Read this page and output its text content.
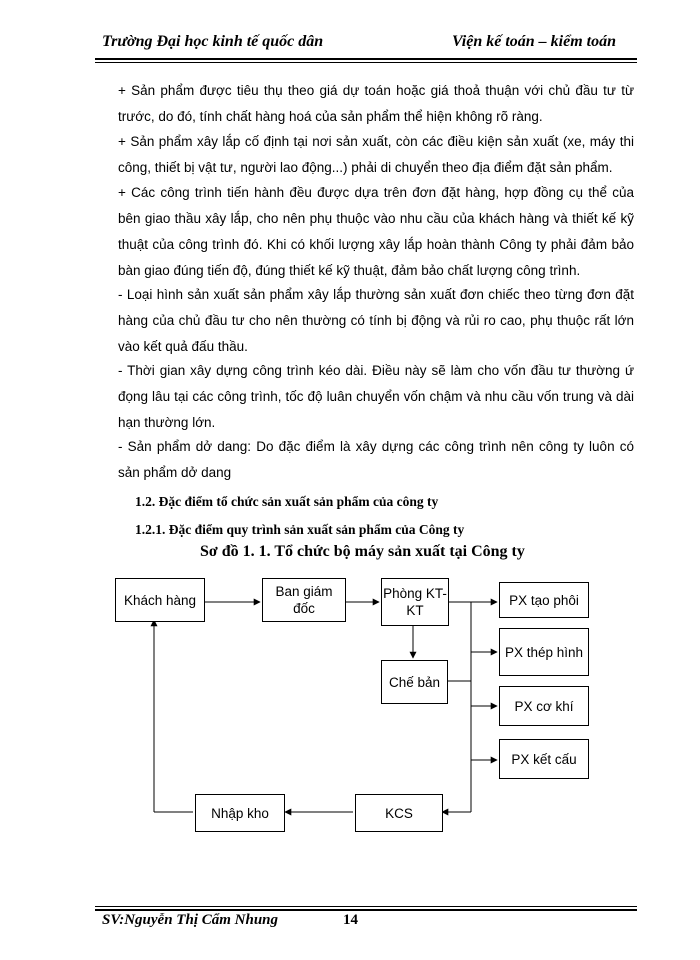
Trường Đại học kinh tế quốc dân	Viện kế toán – kiểm toán
+ Sản phẩm được tiêu thụ theo giá dự toán hoặc giá thoả thuận với chủ đầu tư từ trước, do đó, tính chất hàng hoá của sản phẩm thể hiện không rõ ràng.
+ Sản phẩm xây lắp cố định tại nơi sản xuất, còn các điều kiện sản xuất (xe, máy thi công, thiết bị vật tư, người lao động...) phải di chuyển theo địa điểm đặt sản phẩm.
+ Các công trình tiến hành đều được dựa trên đơn đặt hàng, hợp đồng cụ thể của bên giao thầu xây lắp, cho nên phụ thuộc vào nhu cầu của khách hàng và thiết kế kỹ thuật của công trình đó. Khi có khối lượng xây lắp hoàn thành Công ty phải đảm bảo bàn giao đúng tiến độ, đúng thiết kế kỹ thuật, đảm bảo chất lượng công trình.
- Loại hình sản xuất sản phẩm xây lắp thường sản xuất đơn chiếc theo từng đơn đặt hàng của chủ đầu tư cho nên thường có tính bị động và rủi ro cao, phụ thuộc rất lớn vào kết quả đấu thầu.
- Thời gian xây dựng công trình kéo dài. Điều này sẽ làm cho vốn đầu tư thường ứ đọng lâu tại các công trình, tốc độ luân chuyển vốn chậm và nhu cầu vốn trung và dài hạn thường lớn.
- Sản phẩm dở dang: Do đặc điểm là xây dựng các công trình nên công ty luôn có sản phẩm dở dang
1.2. Đặc điểm tổ chức sản xuất sản phẩm của công ty
1.2.1. Đặc điểm quy trình sản xuất sản phẩm của Công ty
Sơ đồ 1. 1. Tổ chức bộ máy sản xuất tại Công ty
Khách hàng
Ban giám đốc
Phòng KT-KT
Chế bản
PX tạo phôi
PX thép hình
PX cơ khí
PX kết cấu
KCS
Nhập kho
SV:Nguyễn Thị Cẩm Nhung	14
